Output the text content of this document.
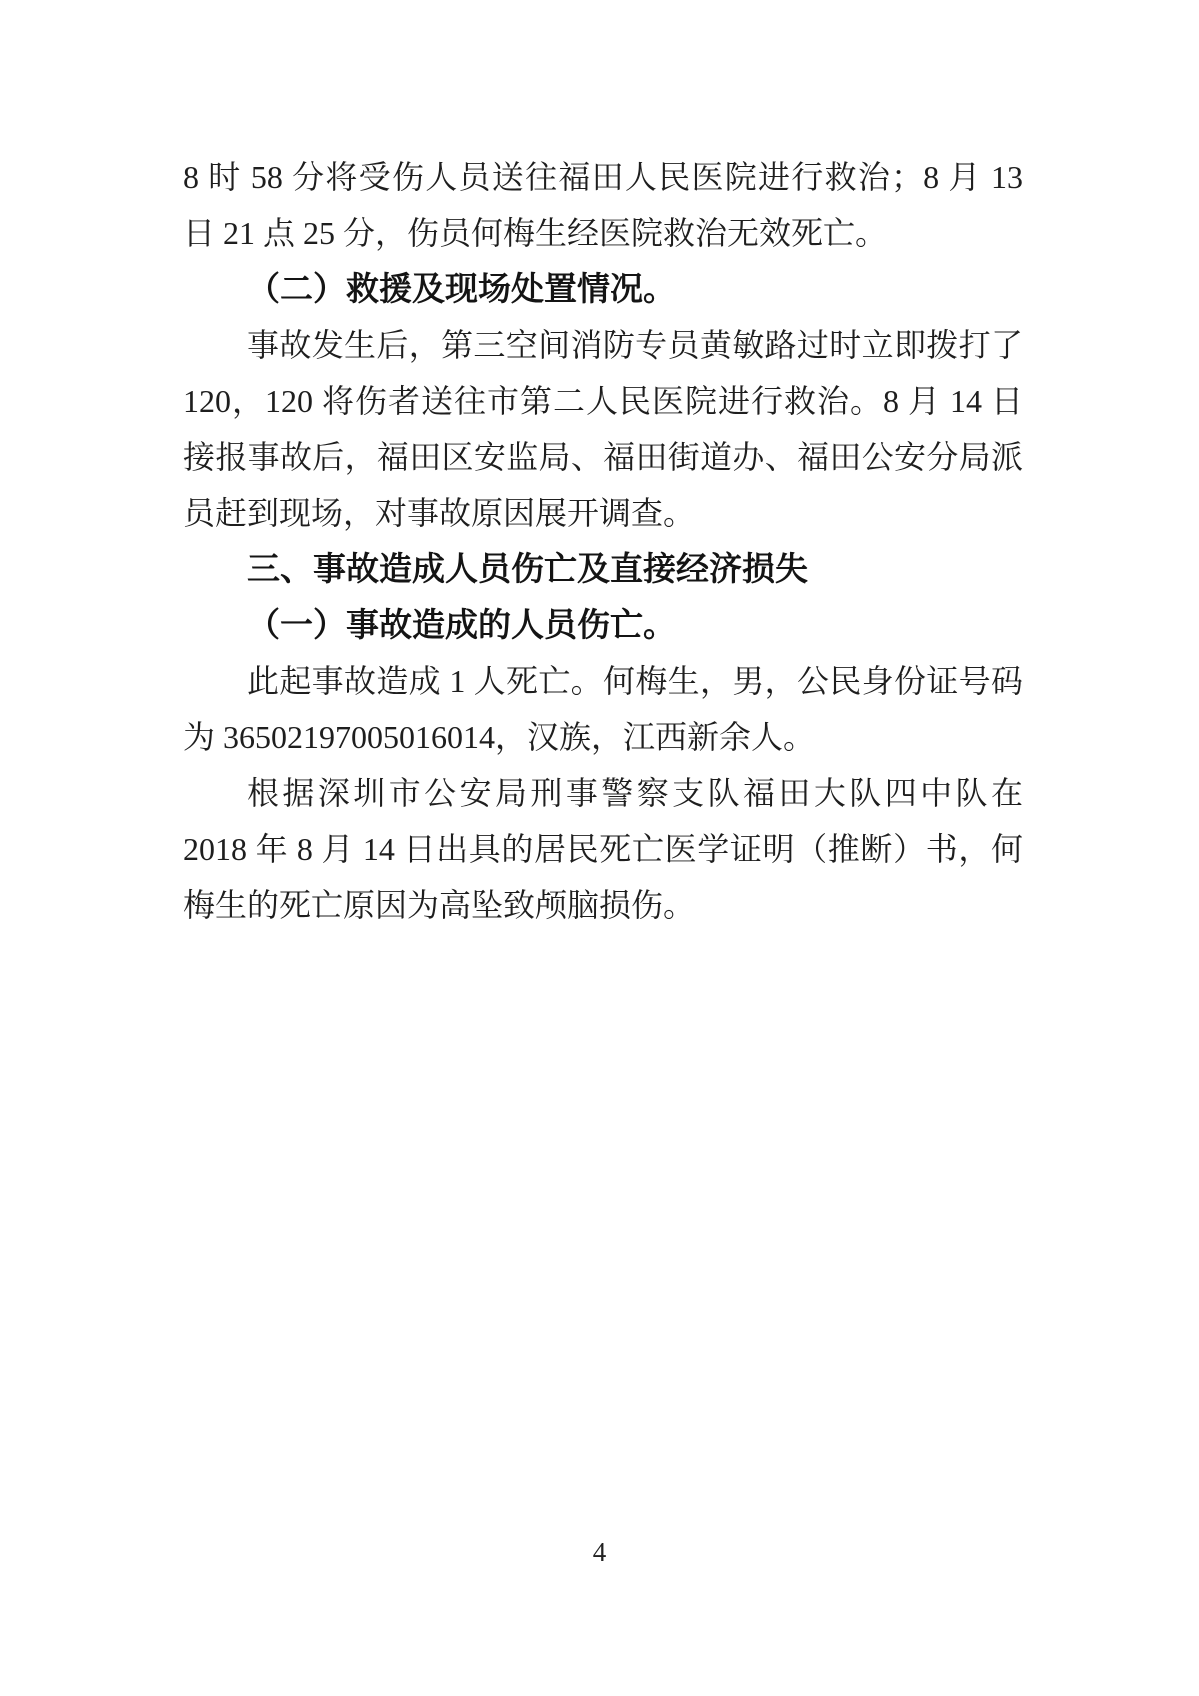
8 时 58 分将受伤人员送往福田人民医院进行救治；8 月 13
日 21 点 25 分，伤员何梅生经医院救治无效死亡。
（二）救援及现场处置情况。
事故发生后，第三空间消防专员黄敏路过时立即拨打了
120，120 将伤者送往市第二人民医院进行救治。8 月 14 日
接报事故后，福田区安监局、福田街道办、福田公安分局派
员赶到现场，对事故原因展开调查。
三、事故造成人员伤亡及直接经济损失
（一）事故造成的人员伤亡。
此起事故造成 1 人死亡。何梅生，男，公民身份证号码
为 36502197005016014，汉族，江西新余人。
根据深圳市公安局刑事警察支队福田大队四中队在
2018 年 8 月 14 日出具的居民死亡医学证明（推断）书，何
梅生的死亡原因为高坠致颅脑损伤。
4
